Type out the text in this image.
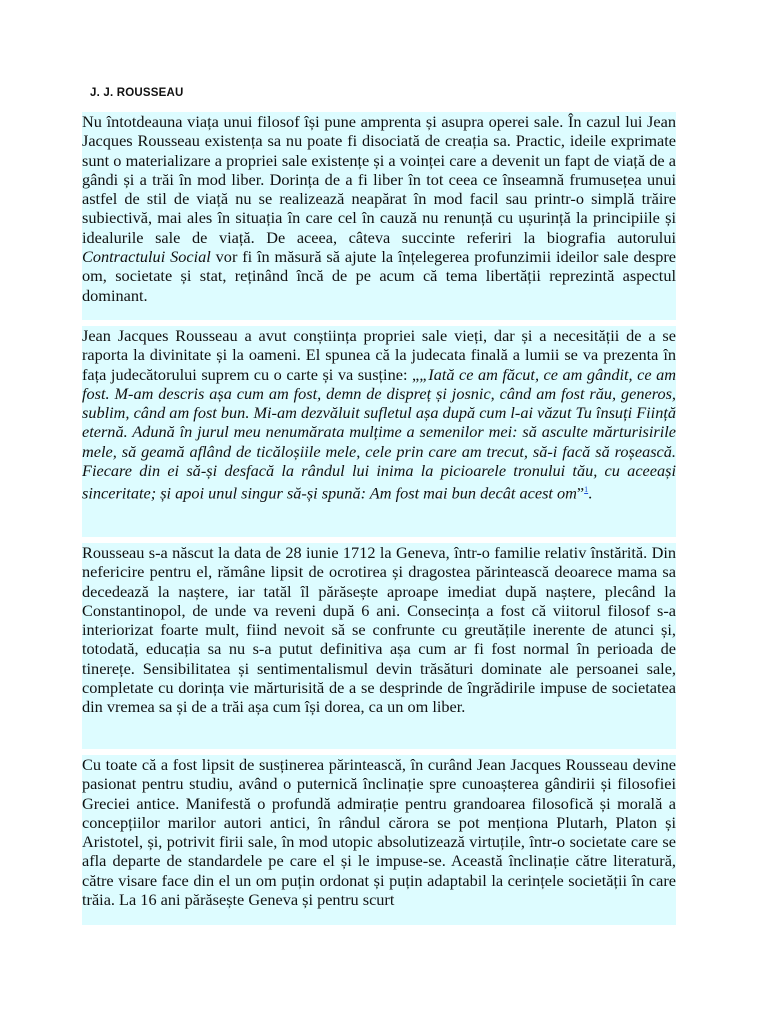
J. J. ROUSSEAU

Nu întotdeauna viața unui filosof își pune amprenta și asupra operei sale. În cazul lui Jean Jacques Rousseau existența sa nu poate fi disociată de creația sa. Practic, ideile exprimate sunt o materializare a propriei sale existențe și a voinței care a devenit un fapt de viață de a gândi și a trăi în mod liber. Dorința de a fi liber în tot ceea ce înseamnă frumusețea unui astfel de stil de viață nu se realizează neapărat în mod facil sau printr-o simplă trăire subiectivă, mai ales în situația în care cel în cauză nu renunță cu ușurință la principiile și idealurile sale de viață. De aceea, câteva succinte referiri la biografia autorului Contractului Social vor fi în măsură să ajute la înțelegerea profunzimii ideilor sale despre om, societate și stat, reținând încă de pe acum că tema libertății reprezintă aspectul dominant.

Jean Jacques Rousseau a avut conștiința propriei sale vieți, dar și a necesității de a se raporta la divinitate și la oameni. El spunea că la judecata finală a lumii se va prezenta în fața judecătorului suprem cu o carte și va susține: „„Iată ce am făcut, ce am gândit, ce am fost. M-am descris așa cum am fost, demn de dispreț și josnic, când am fost rău, generos, sublim, când am fost bun. Mi-am dezvăluit sufletul așa după cum l-ai văzut Tu însuți Ființă eternă. Adună în jurul meu nenumărata mulțime a semenilor mei: să asculte mărturisirile mele, să geamă aflând de ticăloșiile mele, cele prin care am trecut, să-i facă să roșească. Fiecare din ei să-și desfacă la rândul lui inima la picioarele tronului tău, cu aceeași sinceritate; și apoi unul singur să-și spună: Am fost mai bun decât acest om”$^1$.

Rousseau s-a născut la data de 28 iunie 1712 la Geneva, într-o familie relativ înstărită. Din nefericire pentru el, rămâne lipsit de ocrotirea și dragostea părintească deoarece mama sa decedează la naștere, iar tatăl îl părăsește aproape imediat după naștere, plecând la Constantinopol, de unde va reveni după 6 ani. Consecința a fost că viitorul filosof s-a interiorizat foarte mult, fiind nevoit să se confrunte cu greutățile inerente de atunci și, totodată, educația sa nu s-a putut definitiva așa cum ar fi fost normal în perioada de tinerețe. Sensibilitatea și sentimentalismul devin trăsături dominate ale persoanei sale, completate cu dorința vie mărturisită de a se desprinde de îngrădirile impuse de societatea din vremea sa și de a trăi așa cum își dorea, ca un om liber.

Cu toate că a fost lipsit de susținerea părintească, în curând Jean Jacques Rousseau devine pasionat pentru studiu, având o puternică înclinație spre cunoașterea gândirii și filosofiei Greciei antice. Manifestă o profundă admirație pentru grandoarea filosofică și morală a concepțiilor marilor autori antici, în rândul cărora se pot menționa Plutarh, Platon și Aristotel, și, potrivit firii sale, în mod utopic absolutizează virtuțile, într-o societate care se afla departe de standardele pe care el și le impuse-se. Această înclinație către literatură, către visare face din el un om puțin ordonat și puțin adaptabil la cerințele societății în care trăia. La 16 ani părăsește Geneva și pentru scurt
